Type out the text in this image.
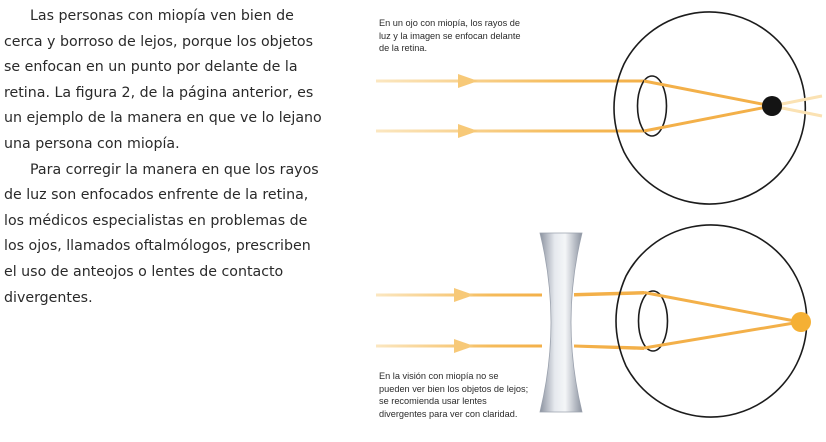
Las personas con miopía ven bien de cerca y borroso de lejos, porque los objetos se enfocan en un punto por delante de la retina. La figura 2, de la página anterior, es un ejemplo de la manera en que ve lo lejano una persona con miopía.

Para corregir la manera en que los rayos de luz son enfocados enfrente de la retina, los médicos especialistas en problemas de los ojos, llamados oftalmólogos, prescriben el uso de anteojos o lentes de contacto divergentes.

En un ojo con miopía, los rayos de luz y la imagen se enfocan delante de la retina.
En la visión con miopía no se pueden ver bien los objetos de lejos; se recomienda usar lentes divergentes para ver con claridad.
